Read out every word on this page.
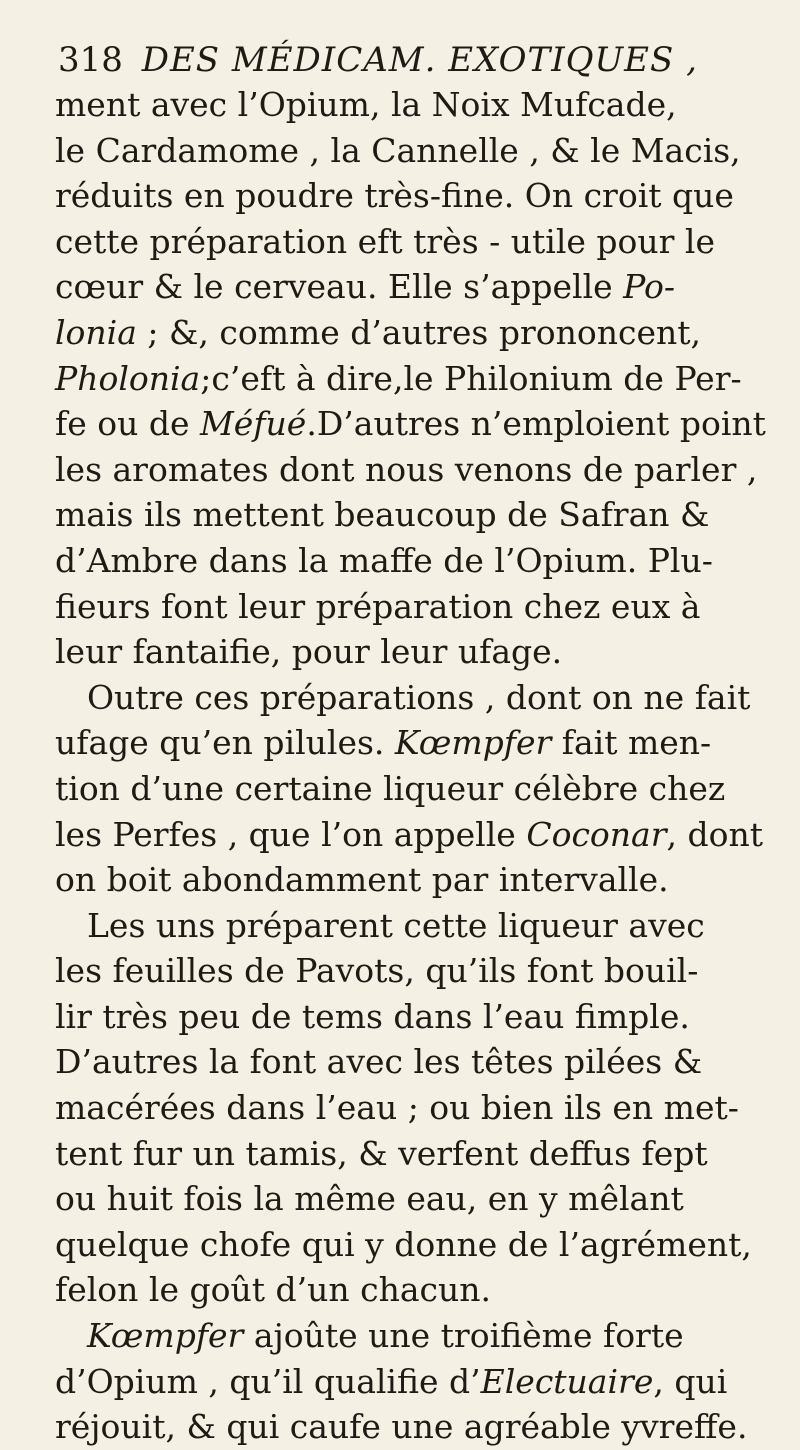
318 DES MÉDICAM. EXOTIQUES ,
ment avec l’Opium, la Noix Mufcade,
le Cardamome , la Cannelle , & le Macis,
réduits en poudre très-fine. On croit que
cette préparation eft très - utile pour le
cœur & le cerveau. Elle s’appelle Po-
lonia ; &, comme d’autres prononcent,
Pholonia;c’eft à dire,le Philonium de Per-
fe ou de Méfué.D’autres n’emploient point
les aromates dont nous venons de parler ,
mais ils mettent beaucoup de Safran &
d’Ambre dans la maffe de l’Opium. Plu-
fieurs font leur préparation chez eux à
leur fantaifie, pour leur ufage.
Outre ces préparations , dont on ne fait
ufage qu’en pilules. Kœmpfer fait men-
tion d’une certaine liqueur célèbre chez
les Perfes , que l’on appelle Coconar, dont
on boit abondamment par intervalle.
Les uns préparent cette liqueur avec
les feuilles de Pavots, qu’ils font bouil-
lir très peu de tems dans l’eau fimple.
D’autres la font avec les têtes pilées &
macérées dans l’eau ; ou bien ils en met-
tent fur un tamis, & verfent deffus fept
ou huit fois la même eau, en y mêlant
quelque chofe qui y donne de l’agrément,
felon le goût d’un chacun.
Kœmpfer ajoûte une troifième forte
d’Opium , qu’il qualifie d’Electuaire, qui
réjouit, & qui caufe une agréable yvreffe.
